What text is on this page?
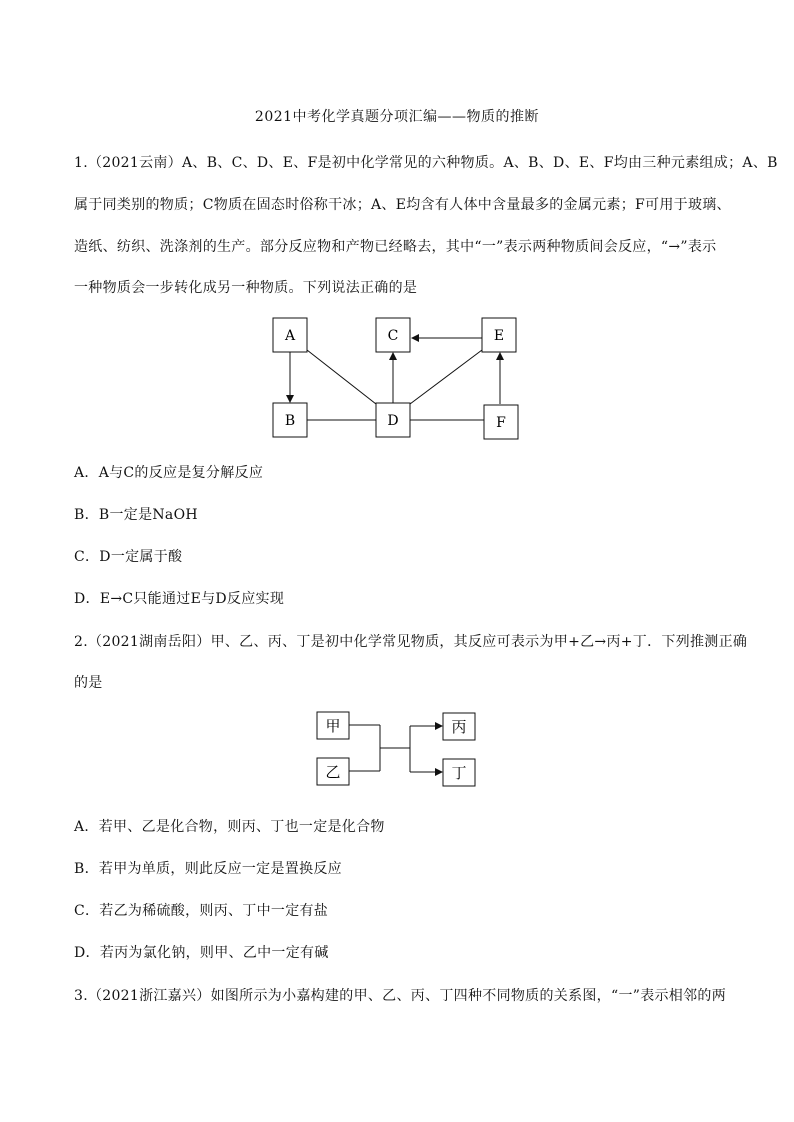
2021中考化学真题分项汇编——物质的推断
1.（2021云南）A、B、C、D、E、F是初中化学常见的六种物质。A、B、D、E、F均由三种元素组成；A、B
属于同类别的物质；C物质在固态时俗称干冰；A、E均含有人体中含量最多的金属元素；F可用于玻璃、
造纸、纺织、洗涤剂的生产。部分反应物和产物已经略去，其中“一”表示两种物质间会反应，“→”表示
一种物质会一步转化成另一种物质。下列说法正确的是
A	C	E
B	D	F
A．A与C的反应是复分解反应
B．B一定是NaOH
C．D一定属于酸
D．E→C只能通过E与D反应实现
2.（2021湖南岳阳）甲、乙、丙、丁是初中化学常见物质，其反应可表示为甲+乙→丙+丁．下列推测正确
的是
甲
乙
丙
丁
A．若甲、乙是化合物，则丙、丁也一定是化合物
B．若甲为单质，则此反应一定是置换反应
C．若乙为稀硫酸，则丙、丁中一定有盐
D．若丙为氯化钠，则甲、乙中一定有碱
3.（2021浙江嘉兴）如图所示为小嘉构建的甲、乙、丙、丁四种不同物质的关系图，“一”表示相邻的两
